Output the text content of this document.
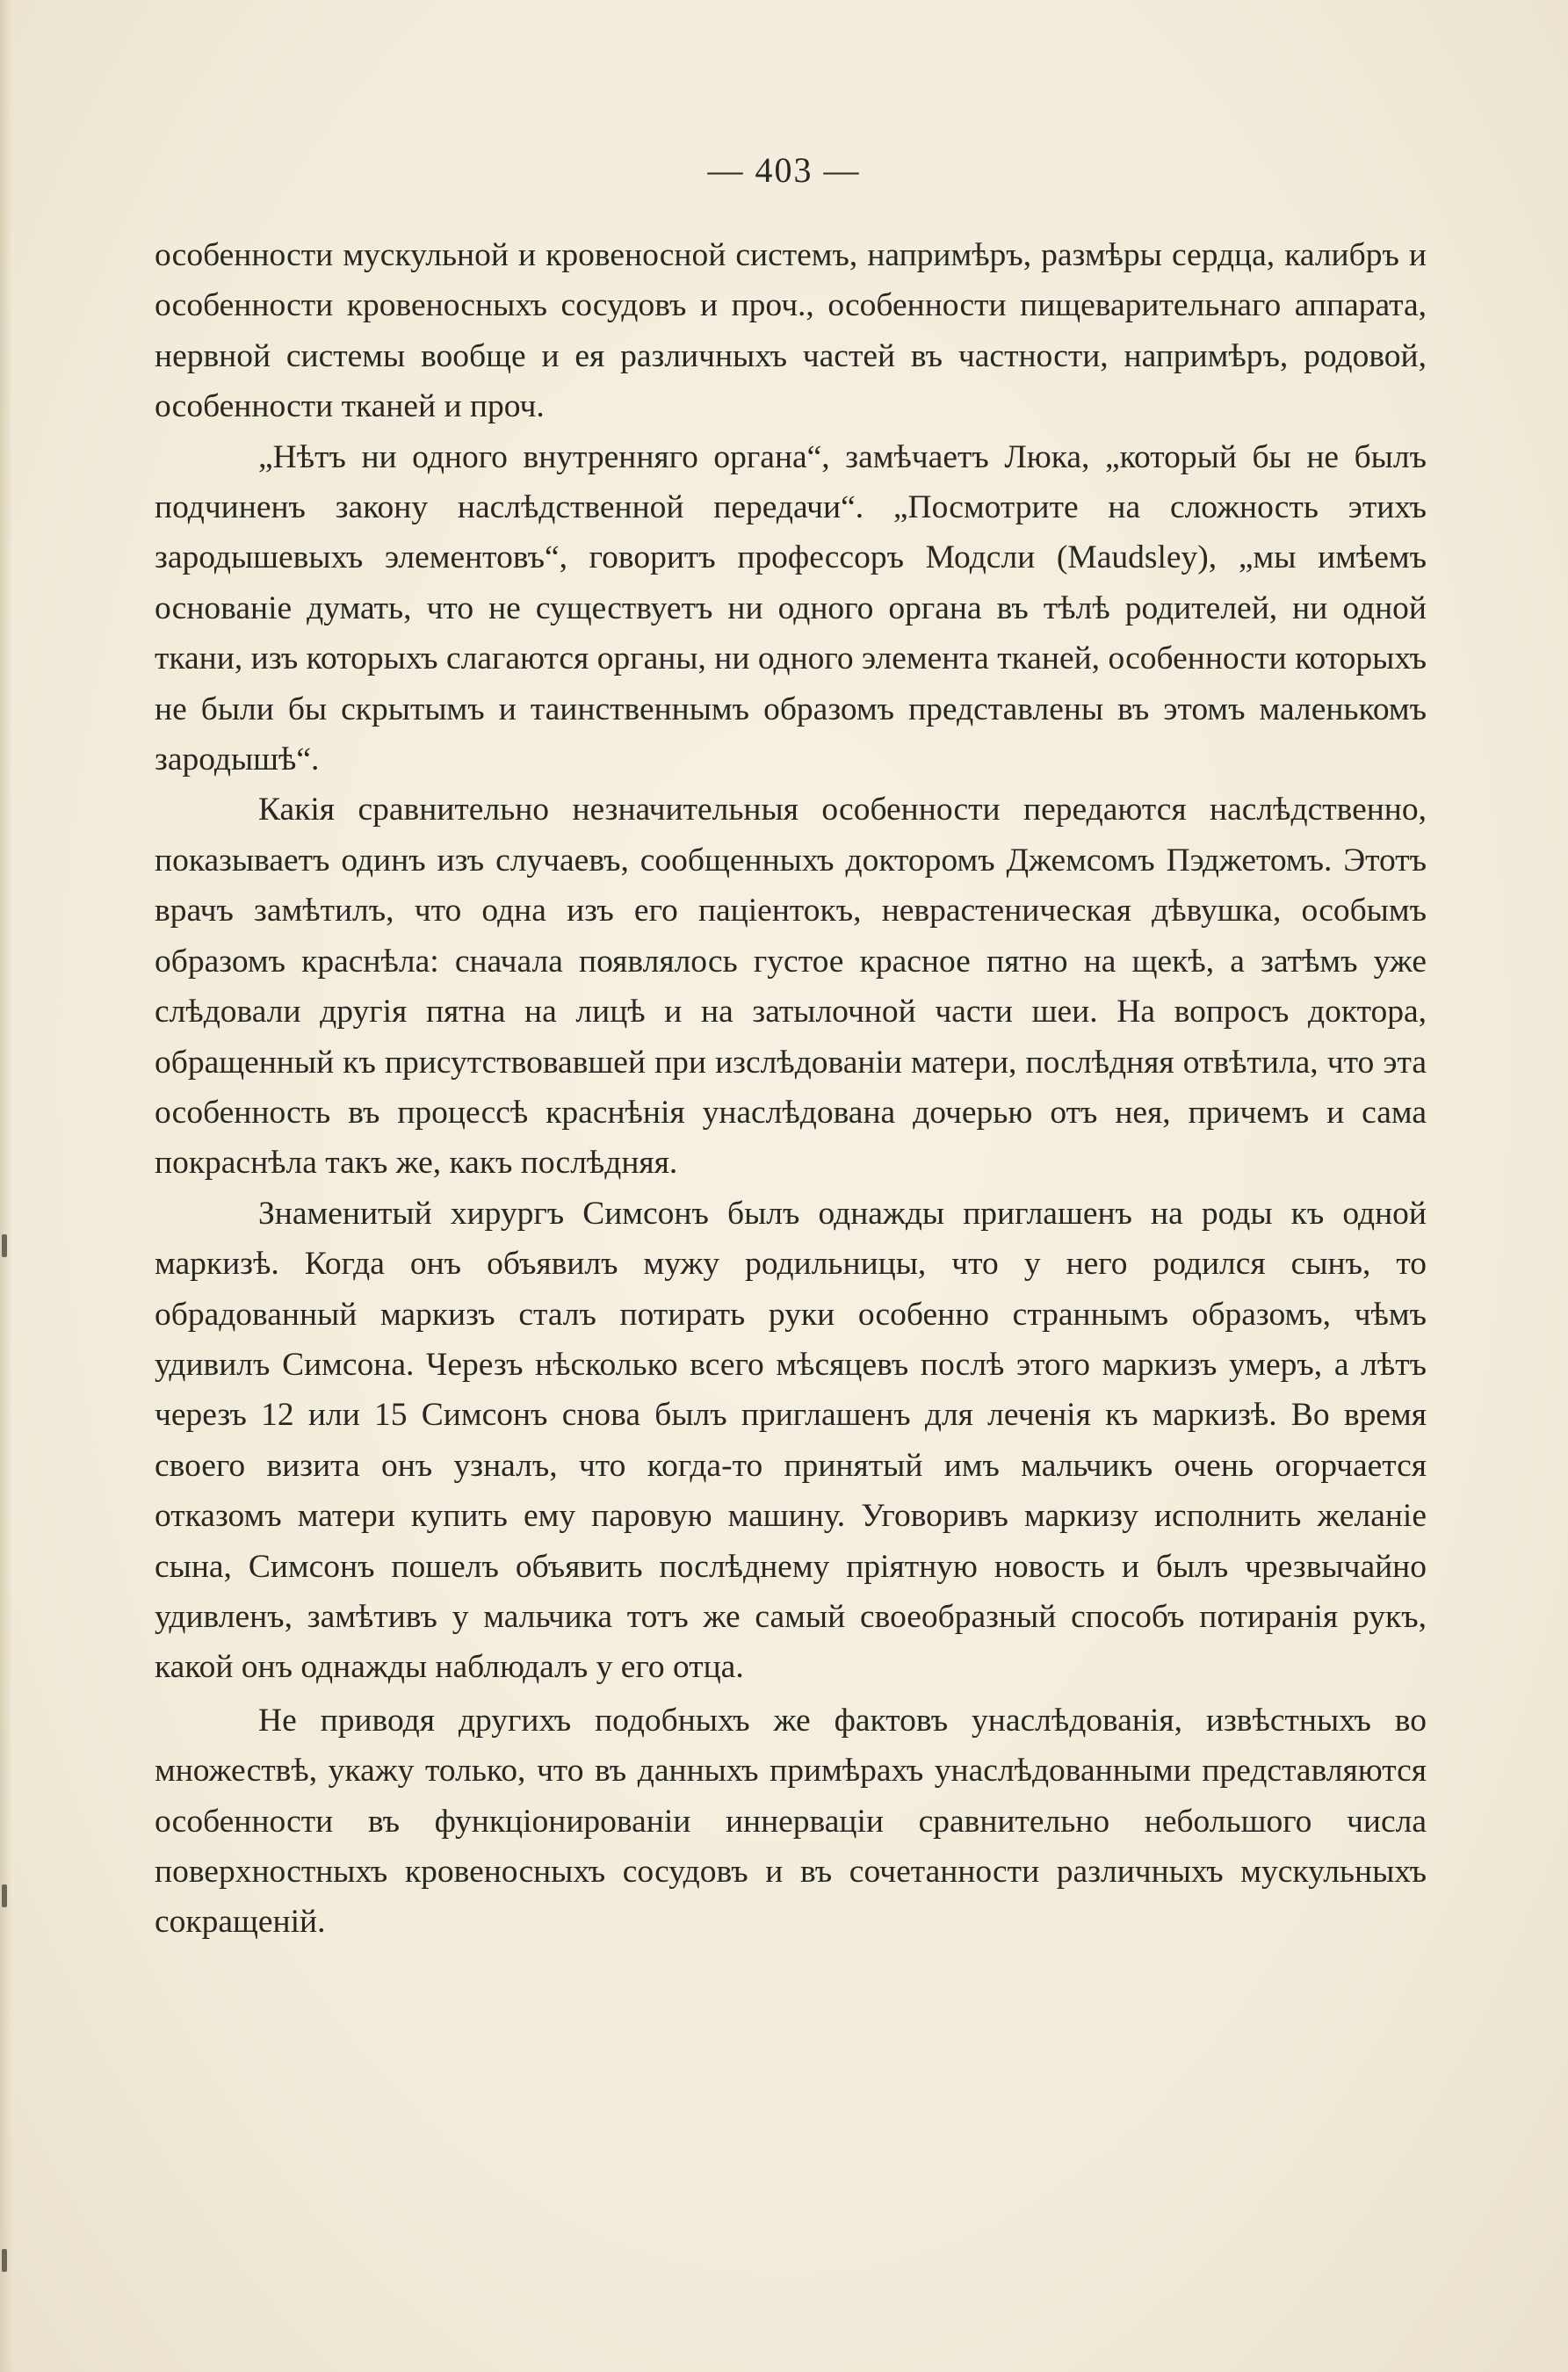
— 403 —

особенности мускульной и кровеносной системъ, напримѣръ, размѣры сердца, калибръ и особенности кровеносныхъ сосудовъ и проч., особенности пищеварительнаго аппарата, нервной системы вообще и ея различныхъ частей въ частности, напримѣръ, родовой, особенности тканей и проч.

„Нѣтъ ни одного внутренняго органа“, замѣчаетъ Люка, „который бы не былъ подчиненъ закону наслѣдственной передачи“. „Посмотрите на сложность этихъ зародышевыхъ элементовъ“, говоритъ профессоръ Модсли (Maudsley), „мы имѣемъ основаніе думать, что не существуетъ ни одного органа въ тѣлѣ родителей, ни одной ткани, изъ которыхъ слагаются органы, ни одного элемента тканей, особенности которыхъ не были бы скрытымъ и таинственнымъ образомъ представлены въ этомъ маленькомъ зародышѣ“.

Какія сравнительно незначительныя особенности передаются наслѣдственно, показываетъ одинъ изъ случаевъ, сообщенныхъ докторомъ Джемсомъ Пэджетомъ. Этотъ врачъ замѣтилъ, что одна изъ его паціентокъ, неврастеническая дѣвушка, особымъ образомъ краснѣла: сначала появлялось густое красное пятно на щекѣ, а затѣмъ уже слѣдовали другія пятна на лицѣ и на затылочной части шеи. На вопросъ доктора, обращенный къ присутствовавшей при изслѣдованіи матери, послѣдняя отвѣтила, что эта особенность въ процессѣ краснѣнія унаслѣдована дочерью отъ нея, причемъ и сама покраснѣла такъ же, какъ послѣдняя.

Знаменитый хирургъ Симсонъ былъ однажды приглашенъ на роды къ одной маркизѣ. Когда онъ объявилъ мужу родильницы, что у него родился сынъ, то обрадованный маркизъ сталъ потирать руки особенно страннымъ образомъ, чѣмъ удивилъ Симсона. Черезъ нѣсколько всего мѣсяцевъ послѣ этого маркизъ умеръ, а лѣтъ черезъ 12 или 15 Симсонъ снова былъ приглашенъ для леченія къ маркизѣ. Во время своего визита онъ узналъ, что когда-то принятый имъ мальчикъ очень огорчается отказомъ матери купить ему паровую машину. Уговоривъ маркизу исполнить желаніе сына, Симсонъ пошелъ объявить послѣднему пріятную новость и былъ чрезвычайно удивленъ, замѣтивъ у мальчика тотъ же самый своеобразный способъ потиранія рукъ, какой онъ однажды наблюдалъ у его отца.

Не приводя другихъ подобныхъ же фактовъ унаслѣдованія, извѣстныхъ во множествѣ, укажу только, что въ данныхъ примѣрахъ унаслѣдованными представляются особенности въ функціонированіи иннерваціи сравнительно небольшого числа поверхностныхъ кровеносныхъ сосудовъ и въ сочетанности различныхъ мускульныхъ сокращеній.
